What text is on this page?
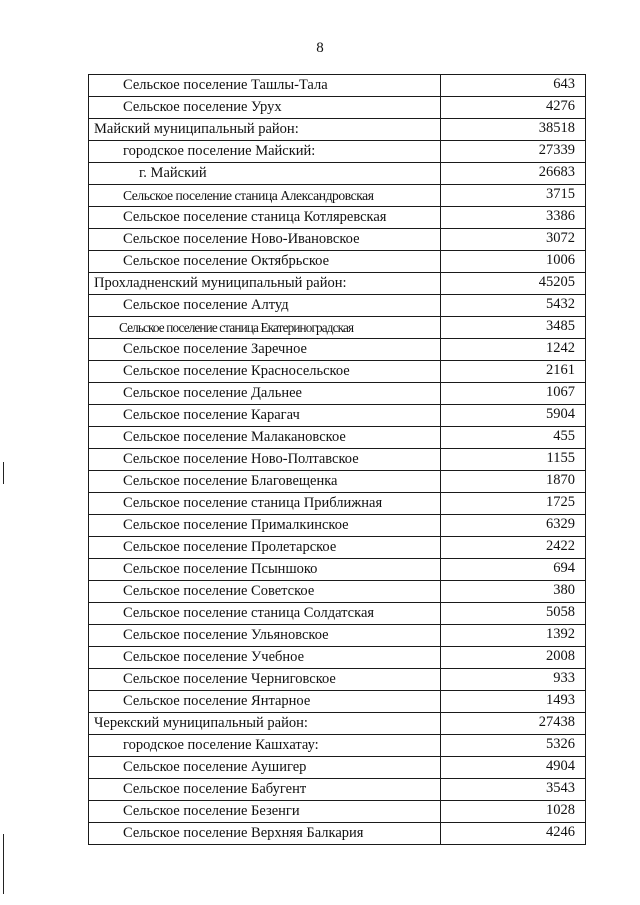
8
Сельское поселение Ташлы-Тала	643
Сельское поселение Урух	4276
Майский муниципальный район:	38518
городское поселение Майский:	27339
г. Майский	26683
Сельское поселение станица Александровская	3715
Сельское поселение станица Котляревская	3386
Сельское поселение Ново-Ивановское	3072
Сельское поселение Октябрьское	1006
Прохладненский муниципальный район:	45205
Сельское поселение Алтуд	5432
Сельское поселение станица Екатериноградская	3485
Сельское поселение Заречное	1242
Сельское поселение Красносельское	2161
Сельское поселение Дальнее	1067
Сельское поселение Карагач	5904
Сельское поселение Малакановское	455
Сельское поселение Ново-Полтавское	1155
Сельское поселение Благовещенка	1870
Сельское поселение станица Приближная	1725
Сельское поселение Прималкинское	6329
Сельское поселение Пролетарское	2422
Сельское поселение Псыншоко	694
Сельское поселение Советское	380
Сельское поселение станица Солдатская	5058
Сельское поселение Ульяновское	1392
Сельское поселение Учебное	2008
Сельское поселение Черниговское	933
Сельское поселение Янтарное	1493
Черекский муниципальный район:	27438
городское поселение Кашхатау:	5326
Сельское поселение Аушигер	4904
Сельское поселение Бабугент	3543
Сельское поселение Безенги	1028
Сельское поселение Верхняя Балкария	4246
